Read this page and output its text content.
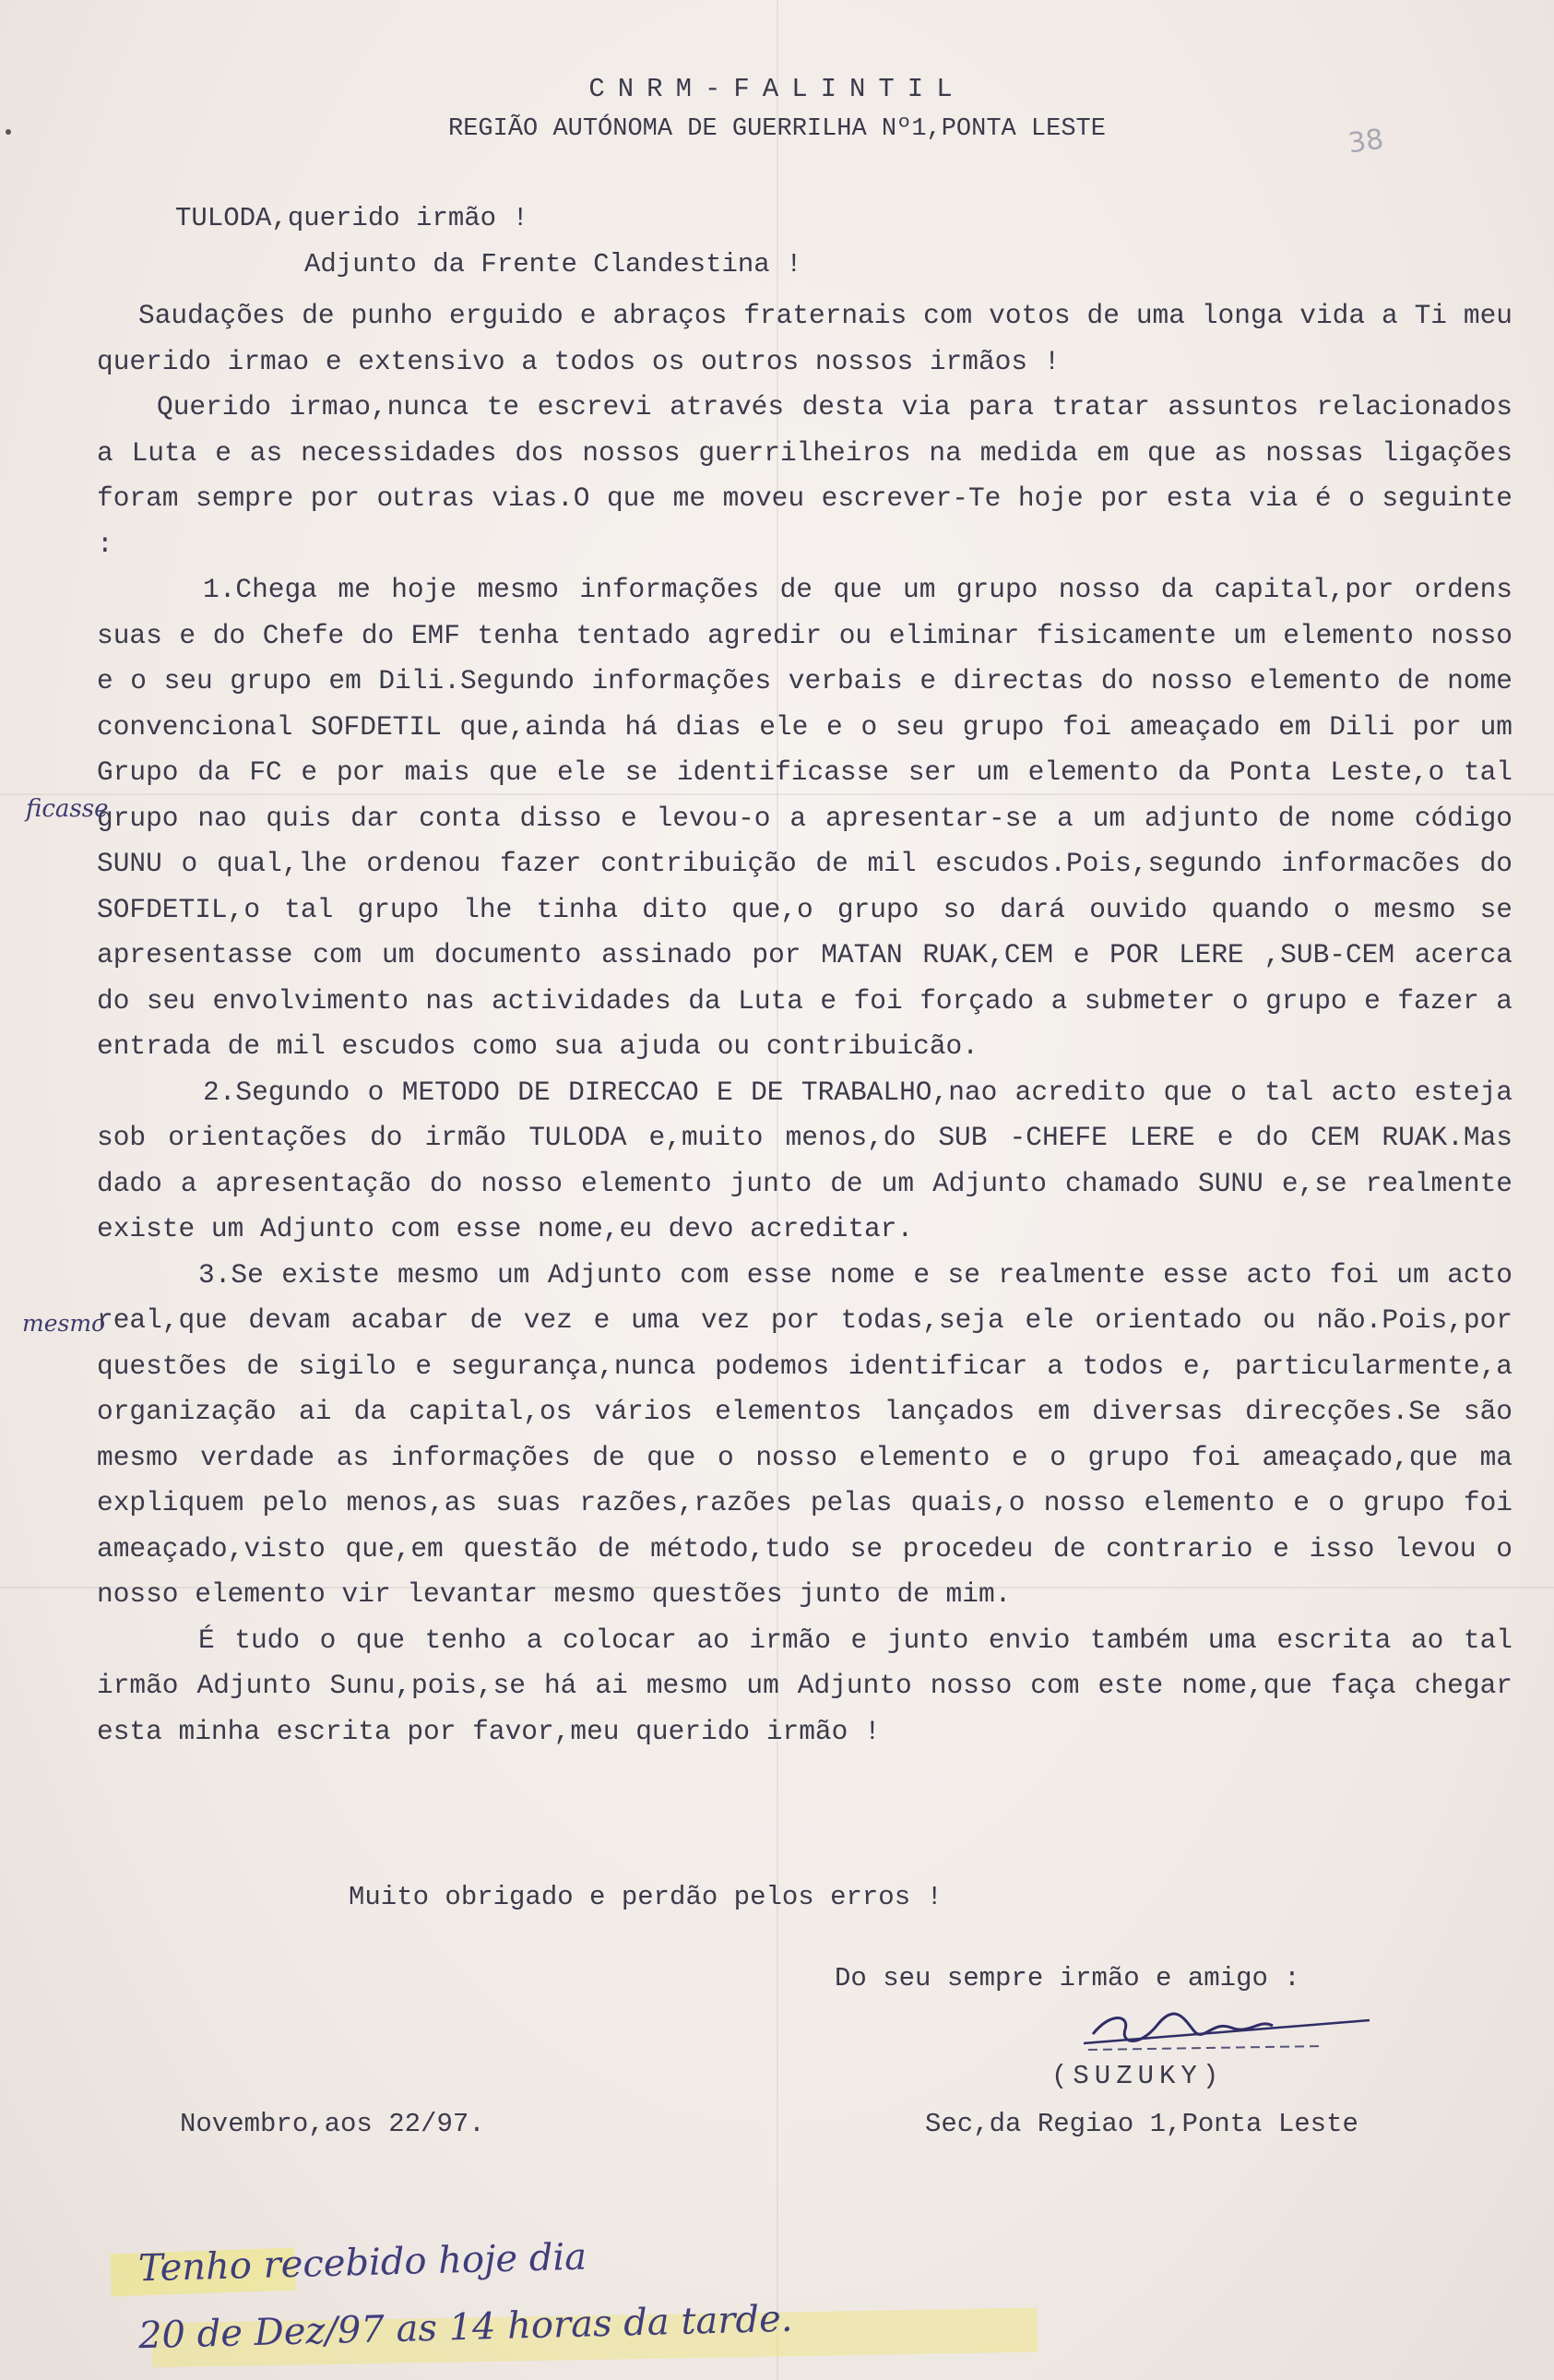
CNRM-FALINTIL
REGIÃO AUTÓNOMA DE GUERRILHA Nº1,PONTA LESTE	38
TULODA,querido irmão !
Adjunto da Frente Clandestina !

Saudações de punho erguido e abraços fraternais com votos de uma longa vida a Ti meu querido irmao e extensivo a todos os outros nossos irmãos !

Querido irmao,nunca te escrevi através desta via para tratar assuntos relacionados a Luta e as necessidades dos nossos guerrilheiros na medida em que as nossas ligações foram sempre por outras vias.O que me moveu escrever-Te hoje por esta via é o seguinte :

1.Chega me hoje mesmo informações de que um grupo nosso da capital,por ordens suas e do Chefe do EMF tenha tentado agredir ou eliminar fisicamente um elemento nosso e o seu grupo em Dili.Segundo informações verbais e directas do nosso elemento de nome convencional SOFDETIL que,ainda há dias ele e o seu grupo foi ameaçado em Dili por um Grupo da FC e por mais que ele se identificasse ser um elemento da Ponta Leste,o tal grupo nao quis dar conta disso e levou-o a apresentar-se a um adjunto de nome código SUNU o qual,lhe ordenou fazer contribuição de mil escudos.Pois,segundo informacões do SOFDETIL,o tal grupo lhe tinha dito que,o grupo so dará ouvido quando o mesmo se apresentasse com um documento assinado por MATAN RUAK,CEM e POR LERE ,SUB-CEM acerca do seu envolvimento nas actividades da Luta e foi forçado a submeter o grupo e fazer a entrada de mil escudos como sua ajuda ou contribuicão.

2.Segundo o METODO DE DIRECCAO E DE TRABALHO,nao acredito que o tal acto esteja sob orientações do irmão TULODA e,muito menos,do SUB -CHEFE LERE e do CEM RUAK.Mas dado a apresentação do nosso elemento junto de um Adjunto chamado SUNU e,se realmente existe um Adjunto com esse nome,eu devo acreditar.

3.Se existe mesmo um Adjunto com esse nome e se realmente esse acto foi um acto real,que devam acabar de vez e uma vez por todas,seja ele orientado ou não.Pois,por questões de sigilo e segurança,nunca podemos identificar a todos e, particularmente,a organização ai da capital,os vários elementos lançados em diversas direcções.Se são mesmo verdade as informações de que o nosso elemento e o grupo foi ameaçado,que ma expliquem pelo menos,as suas razões,razões pelas quais,o nosso elemento e o grupo foi ameaçado,visto que,em questão de método,tudo se procedeu de contrario e isso levou o nosso elemento vir levantar mesmo questões junto de mim.

É tudo o que tenho a colocar ao irmão e junto envio também uma escrita ao tal irmão Adjunto Sunu,pois,se há ai mesmo um Adjunto nosso com este nome,que faça chegar esta minha escrita por favor,meu querido irmão !

ficasse
mesmo
Muito obrigado e perdão pelos erros !
Do seu sempre irmão e amigo :
(SUZUKY)
Novembro,aos 22/97.	Sec,da Regiao 1,Ponta Leste
Tenho recebido hoje dia
20 de Dez/97 as 14 horas da tarde.
